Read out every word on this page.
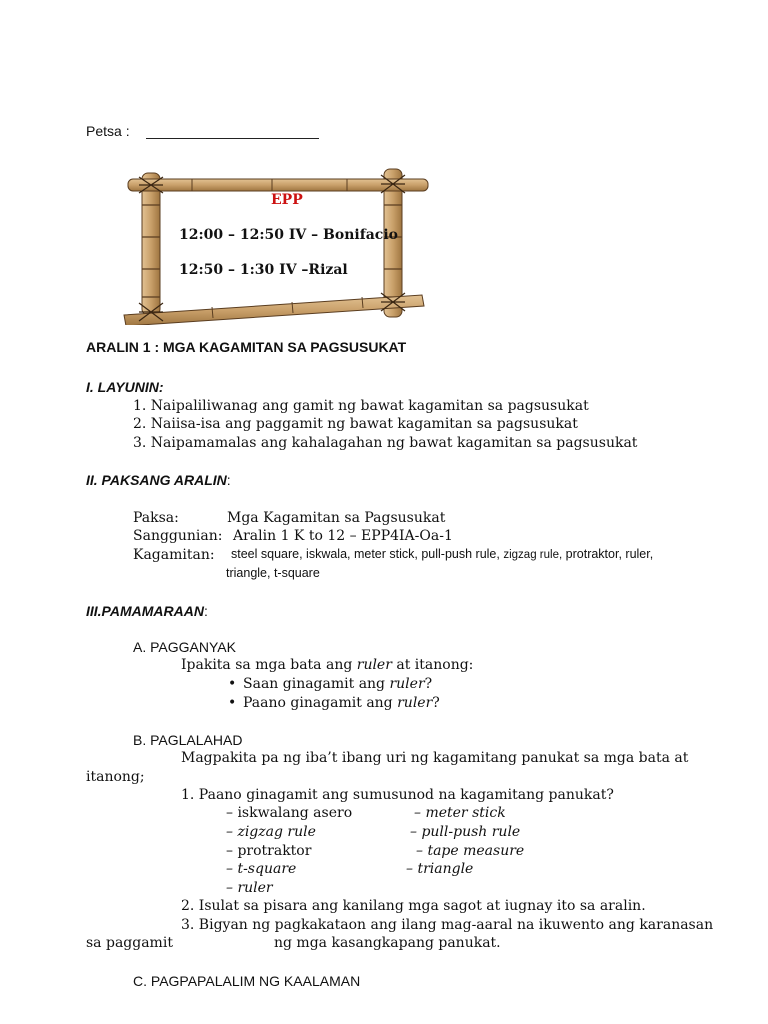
Petsa :
EPP
12:00 – 12:50 IV – Bonifacio
12:50 – 1:30 IV –Rizal
ARALIN 1 : MGA KAGAMITAN SA PAGSUSUKAT
I. LAYUNIN:
1. Naipaliliwanag ang gamit ng bawat kagamitan sa pagsusukat
2. Naiisa-isa ang paggamit ng bawat kagamitan sa pagsusukat
3. Naipamamalas ang kahalagahan ng bawat kagamitan sa pagsusukat
II. PAKSANG ARALIN:
Paksa:	Mga Kagamitan sa Pagsusukat
Sanggunian: Aralin 1 K to 12 – EPP4IA-Oa-1
Kagamitan: steel square, iskwala, meter stick, pull-push rule, zigzag rule, protraktor, ruler,
triangle, t-square
III.PAMAMARAAN:
A. PAGGANYAK
Ipakita sa mga bata ang ruler at itanong:
• Saan ginagamit ang ruler?
• Paano ginagamit ang ruler?
B. PAGLALAHAD
Magpakita pa ng iba’t ibang uri ng kagamitang panukat sa mga bata at
itanong;
1. Paano ginagamit ang sumusunod na kagamitang panukat?
– iskwalang asero
– zigzag rule
– protraktor
– t-square
– ruler
– meter stick
– pull-push rule
– tape measure
– triangle
2. Isulat sa pisara ang kanilang mga sagot at iugnay ito sa aralin.
3. Bigyan ng pagkakataon ang ilang mag-aaral na ikuwento ang karanasan
sa paggamit	ng mga kasangkapang panukat.
C. PAGPAPALALIM NG KAALAMAN
